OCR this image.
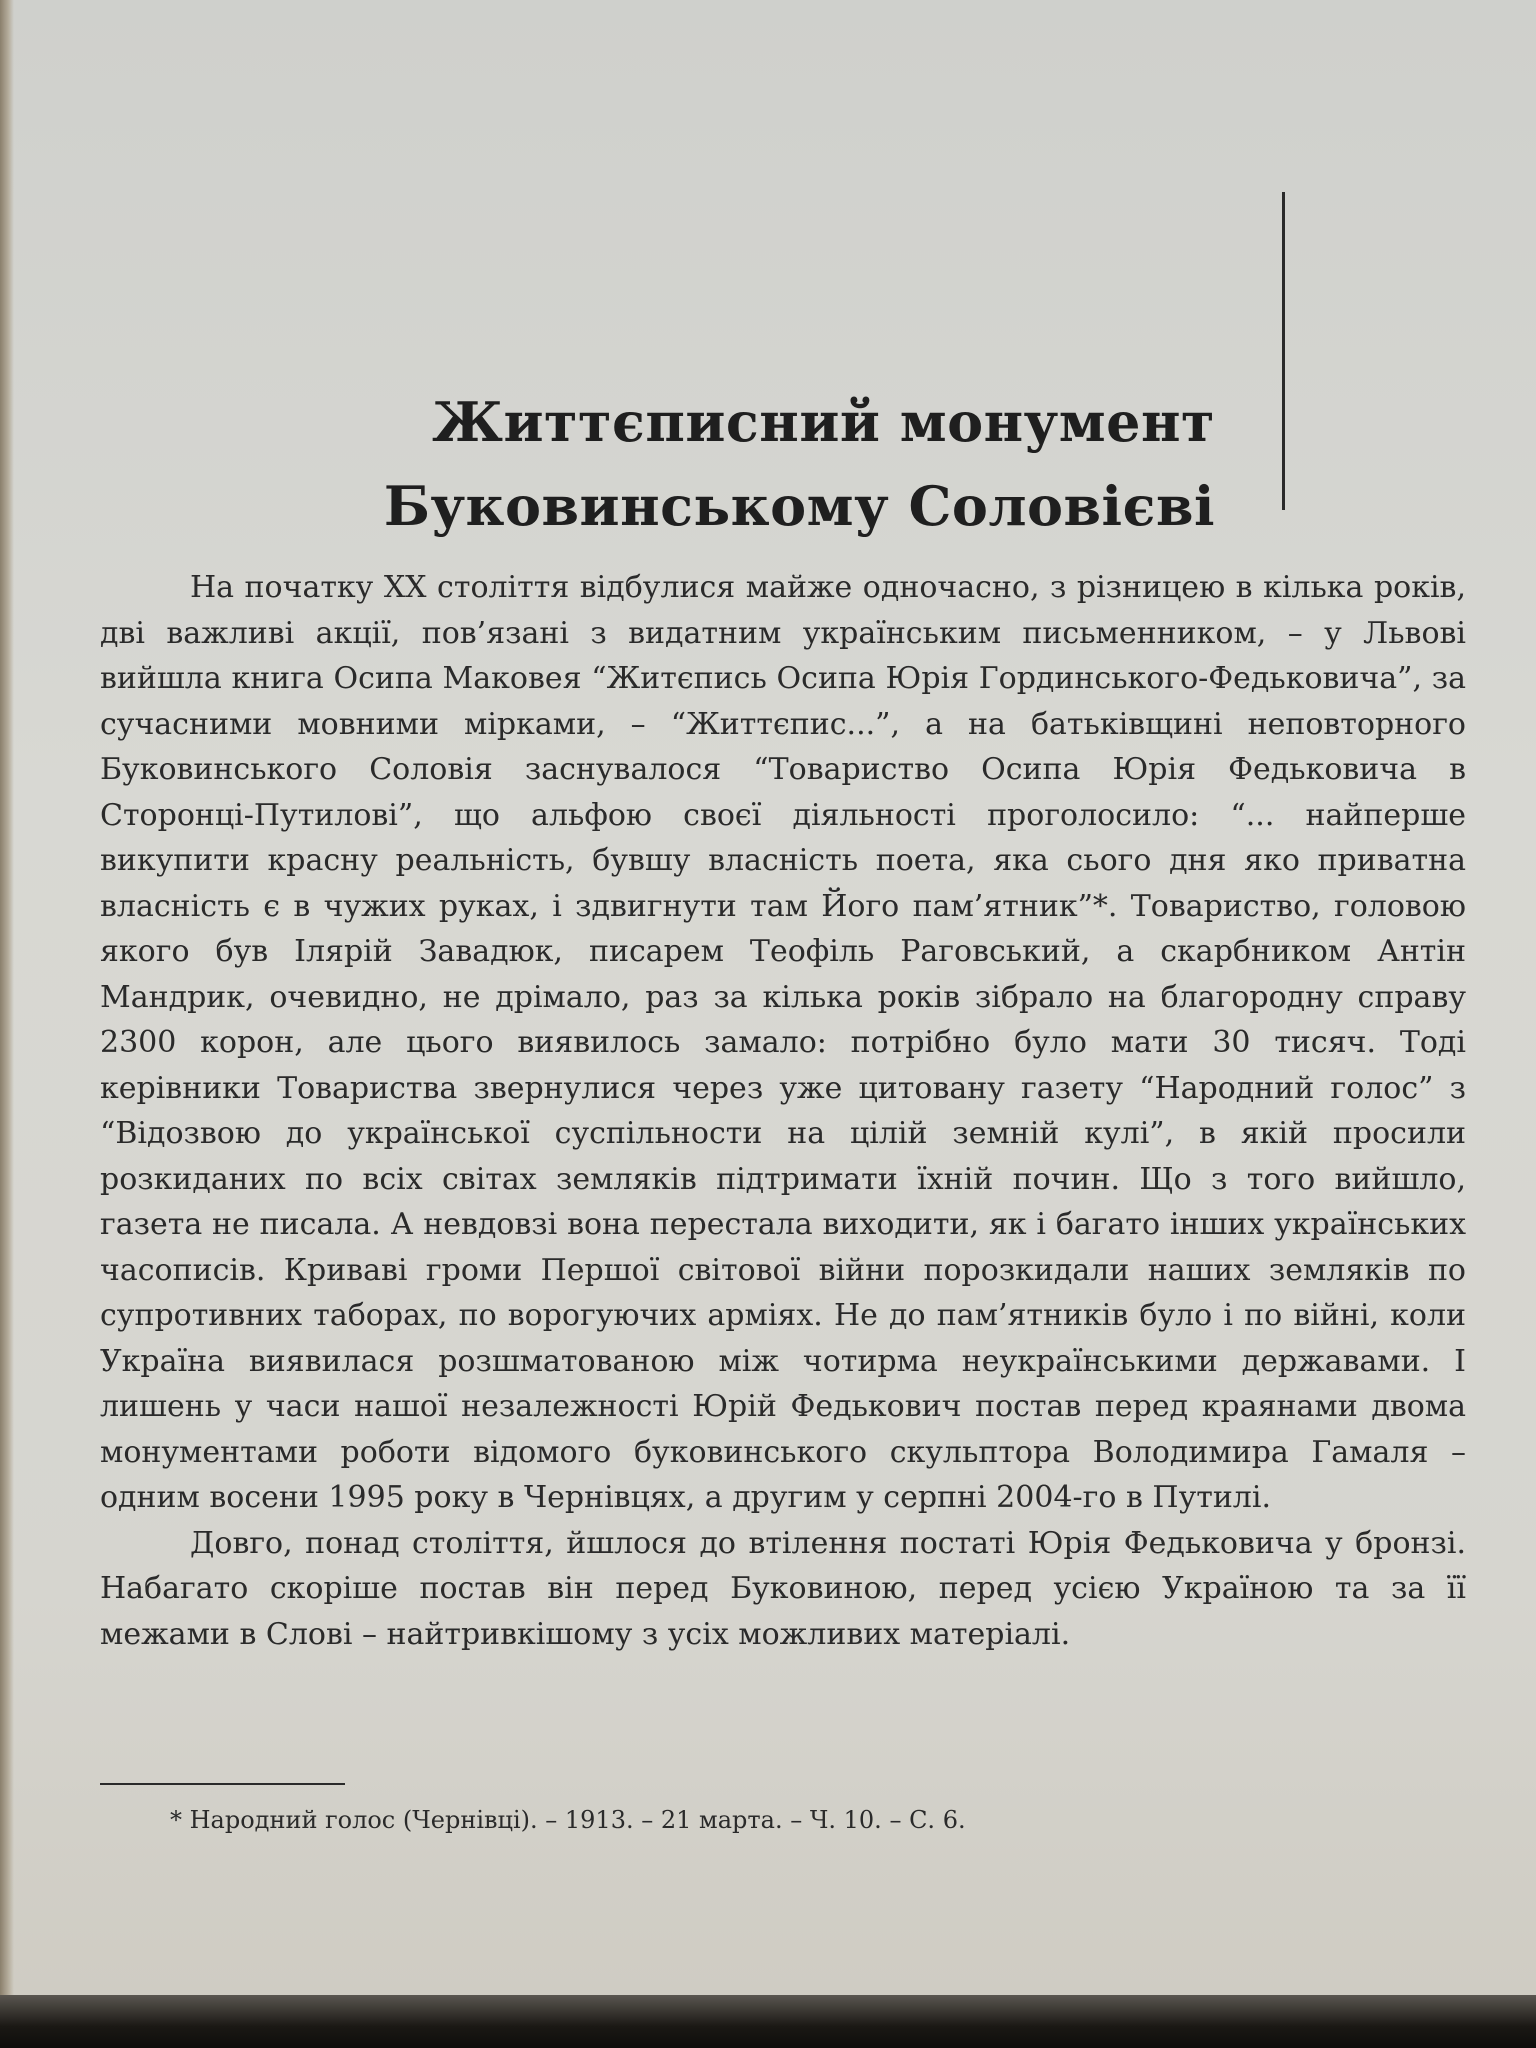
Життєписний монумент
Буковинському Соловієві

На початку XX століття відбулися майже одночасно, з різницею в кілька років, дві важливі акції, пов’язані з видатним українським письменником, – у Львові вийшла книга Осипа Маковея “Житєпись Осипа Юрія Гординського-Федьковича”, за сучасними мовними мірками, – “Життєпис...”, а на батьківщині неповторного Буковинського Соловія заснувалося “Товариство Осипа Юрія Федьковича в Сторонці-Путилові”, що альфою своєї діяльності проголосило: “... найперше викупити красну реальність, бувшу власність поета, яка сього дня яко приватна власність є в чужих руках, і здвигнути там Його пам’ятник”*. Товариство, головою якого був Ілярій Завадюк, писарем Теофіль Раговський, а скарбником Антін Мандрик, очевидно, не дрімало, раз за кілька років зібрало на благородну справу 2300 корон, але цього виявилось замало: потрібно було мати 30 тисяч. Тоді керівники Товариства звернулися через уже цитовану газету “Народний голос” з “Відозвою до української суспільности на цілій земній кулі”, в якій просили розкиданих по всіх світах земляків підтримати їхній почин. Що з того вийшло, газета не писала. А невдовзі вона перестала виходити, як і багато інших українських часописів. Криваві громи Першої світової війни порозкидали наших земляків по супротивних таборах, по ворогуючих арміях. Не до пам’ятників було і по війні, коли Україна виявилася розшматованою між чотирма неукраїнськими державами. І лишень у часи нашої незалежності Юрій Федькович постав перед краянами двома монументами роботи відомого буковинського скульптора Володимира Гамаля – одним восени 1995 року в Чернівцях, а другим у серпні 2004-го в Путилі.

Довго, понад століття, йшлося до втілення постаті Юрія Федьковича у бронзі. Набагато скоріше постав він перед Буковиною, перед усією Україною та за її межами в Слові – найтривкішому з усіх можливих матеріалі.

* Народний голос (Чернівці). – 1913. – 21 марта. – Ч. 10. – С. 6.
